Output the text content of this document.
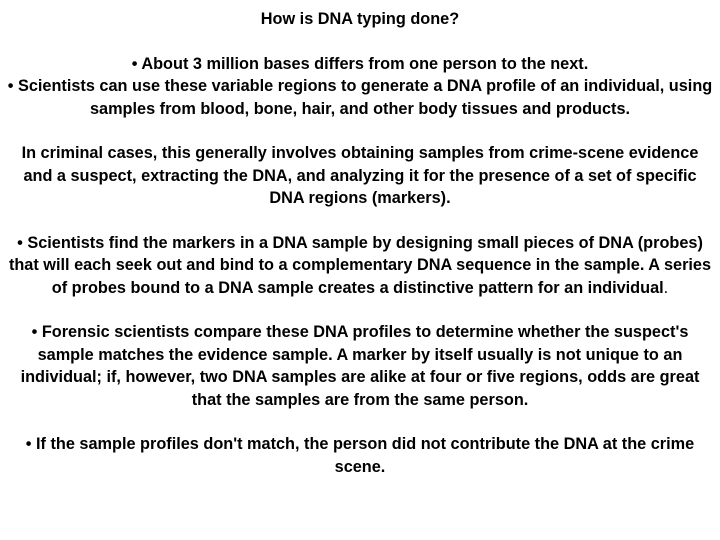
How is DNA typing done?
• About 3 million bases differs from one person to the next.
• Scientists can use these variable regions to generate a DNA profile of an individual, using samples from blood, bone, hair, and other body tissues and products.
In criminal cases, this generally involves obtaining samples from crime-scene evidence and a suspect, extracting the DNA, and analyzing it for the presence of a set of specific DNA regions (markers).
• Scientists find the markers in a DNA sample by designing small pieces of DNA (probes) that will each seek out and bind to a complementary DNA sequence in the sample. A series of probes bound to a DNA sample creates a distinctive pattern for an individual.
• Forensic scientists compare these DNA profiles to determine whether the suspect's sample matches the evidence sample. A marker by itself usually is not unique to an individual; if, however, two DNA samples are alike at four or five regions, odds are great that the samples are from the same person.
• If the sample profiles don't match, the person did not contribute the DNA at the crime scene.
